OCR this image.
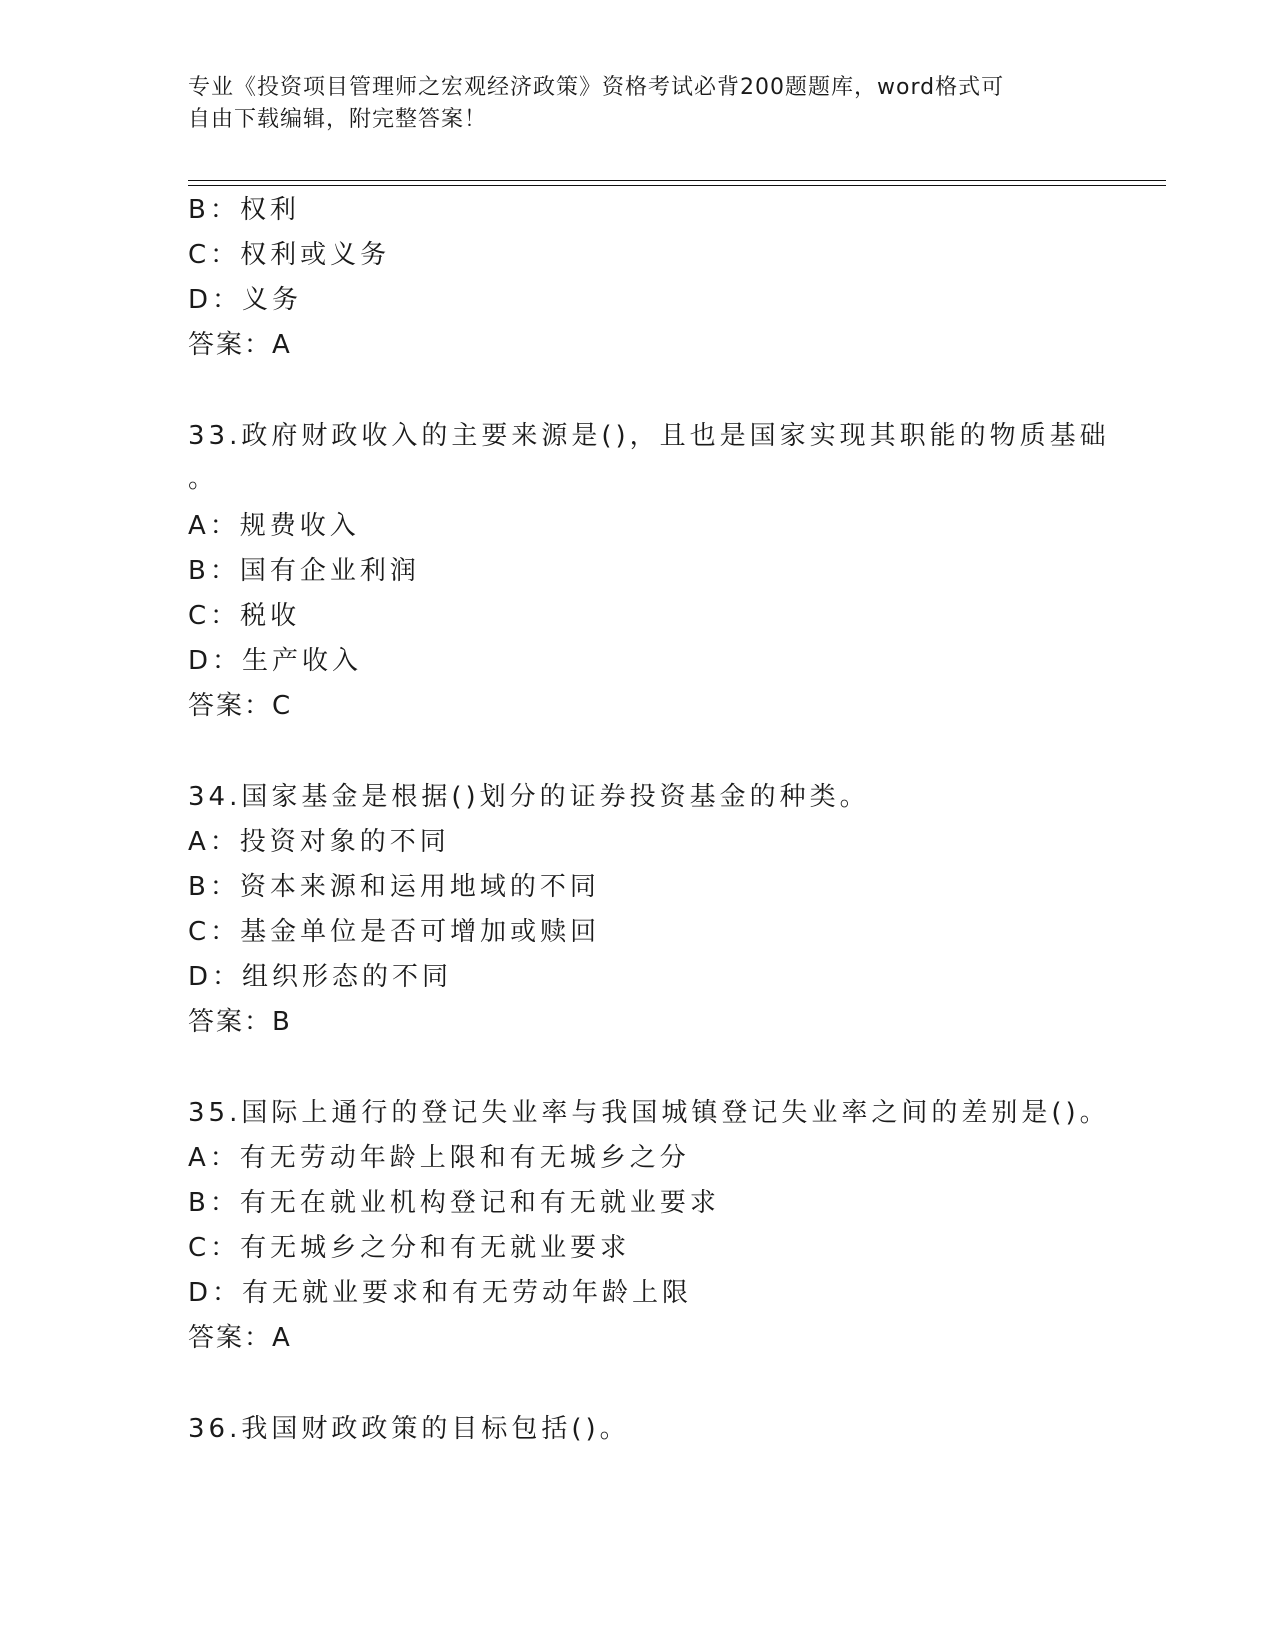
专业《投资项目管理师之宏观经济政策》资格考试必背200题题库，word格式可
自由下载编辑，附完整答案！
B：权利
C：权利或义务
D：义务
答案：A
33.政府财政收入的主要来源是()，且也是国家实现其职能的物质基础
。
A：规费收入
B：国有企业利润
C：税收
D：生产收入
答案：C
34.国家基金是根据()划分的证券投资基金的种类。
A：投资对象的不同
B：资本来源和运用地域的不同
C：基金单位是否可增加或赎回
D：组织形态的不同
答案：B
35.国际上通行的登记失业率与我国城镇登记失业率之间的差别是()。
A：有无劳动年龄上限和有无城乡之分
B：有无在就业机构登记和有无就业要求
C：有无城乡之分和有无就业要求
D：有无就业要求和有无劳动年龄上限
答案：A
36.我国财政政策的目标包括()。
